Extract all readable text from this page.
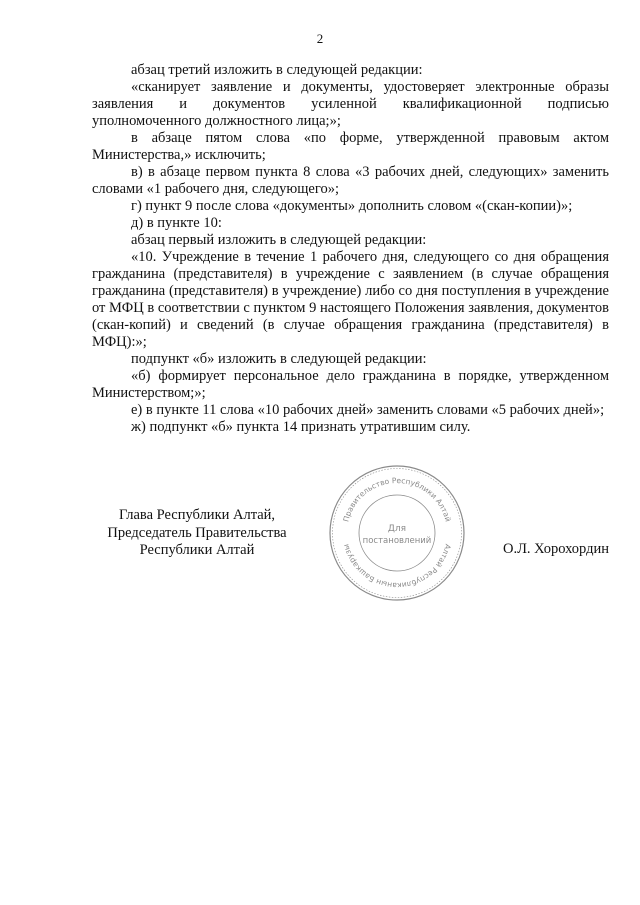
2

абзац третий изложить в следующей редакции:

«сканирует заявление и документы, удостоверяет электронные образы заявления и документов усиленной квалификационной подписью уполномоченного должностного лица;»;

в абзаце пятом слова «по форме, утвержденной правовым актом Министерства,» исключить;

в) в абзаце первом пункта 8 слова «3 рабочих дней, следующих» заменить словами «1 рабочего дня, следующего»;

г) пункт 9 после слова «документы» дополнить словом «(скан-копии)»;

д) в пункте 10:

абзац первый изложить в следующей редакции:

«10. Учреждение в течение 1 рабочего дня, следующего со дня обращения гражданина (представителя) в учреждение с заявлением (в случае обращения гражданина (представителя) в учреждение) либо со дня поступления в учреждение от МФЦ в соответствии с пунктом 9 настоящего Положения заявления, документов (скан-копий) и сведений (в случае обращения гражданина (представителя) в МФЦ):»;

подпункт «б» изложить в следующей редакции:

«б) формирует персональное дело гражданина в порядке, утвержденном Министерством;»;

е) в пункте 11 слова «10 рабочих дней» заменить словами «5 рабочих дней»;

ж) подпункт «б» пункта 14 признать утратившим силу.

Глава Республики Алтай,
Председатель Правительства
Республики Алтай
Правительство Республики Алтай
Алтай Республиканын Башкарузы
Для
постановлений	О.Л. Хорохордин
